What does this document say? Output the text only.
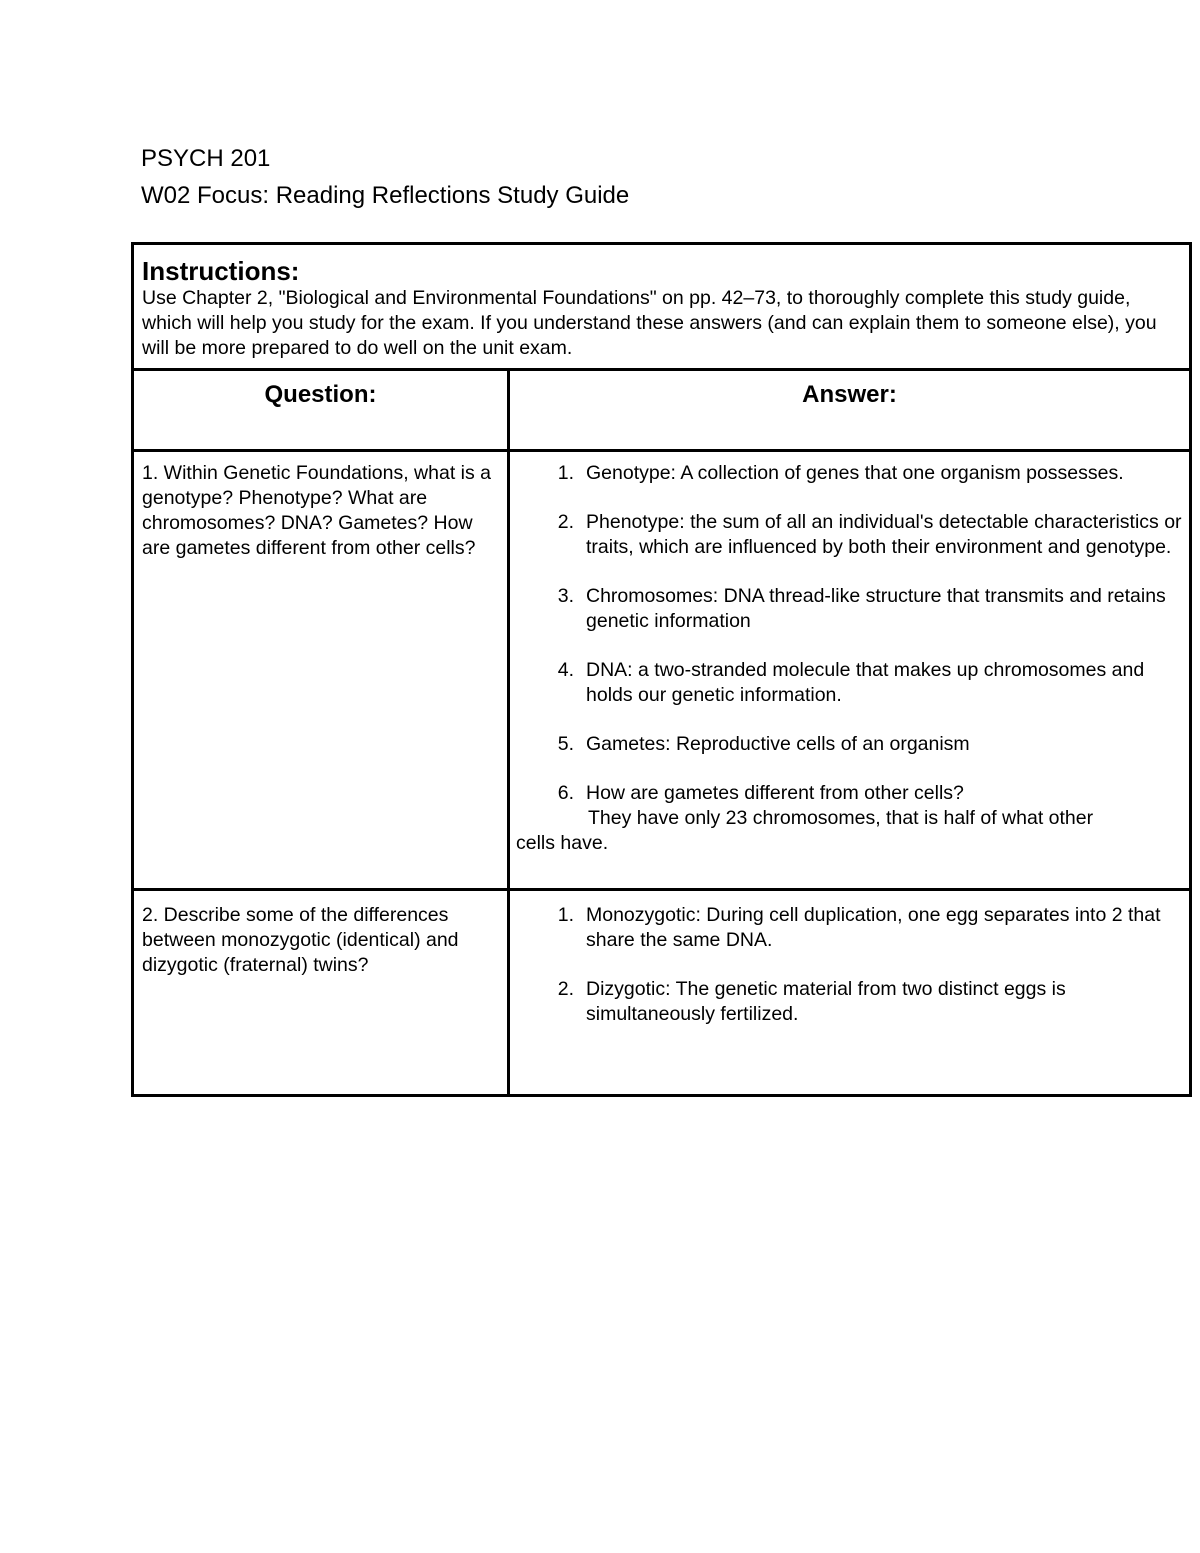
PSYCH 201
W02 Focus: Reading Reflections Study Guide

Instructions:

Use Chapter 2, "Biological and Environmental Foundations" on pp. 42–73, to thoroughly complete this study guide, which will help you study for the exam. If you understand these answers (and can explain them to someone else), you will be more prepared to do well on the unit exam.

Question:	Answer:

1. Within Genetic Foundations, what is a genotype? Phenotype? What are chromosomes? DNA? Gametes? How are gametes different from other cells?

1. Genotype: A collection of genes that one organism possesses.
2. Phenotype: the sum of all an individual's detectable characteristics or traits, which are influenced by both their environment and genotype.
3. Chromosomes: DNA thread-like structure that transmits and retains genetic information
4. DNA: a two-stranded molecule that makes up chromosomes and holds our genetic information.
5. Gametes: Reproductive cells of an organism
6. How are gametes different from other cells?
They have only 23 chromosomes, that is half of what other
cells have.

2. Describe some of the differences between monozygotic (identical) and dizygotic (fraternal) twins?

1. Monozygotic: During cell duplication, one egg separates into 2 that share the same DNA.
2. Dizygotic: The genetic material from two distinct eggs is simultaneously fertilized.
